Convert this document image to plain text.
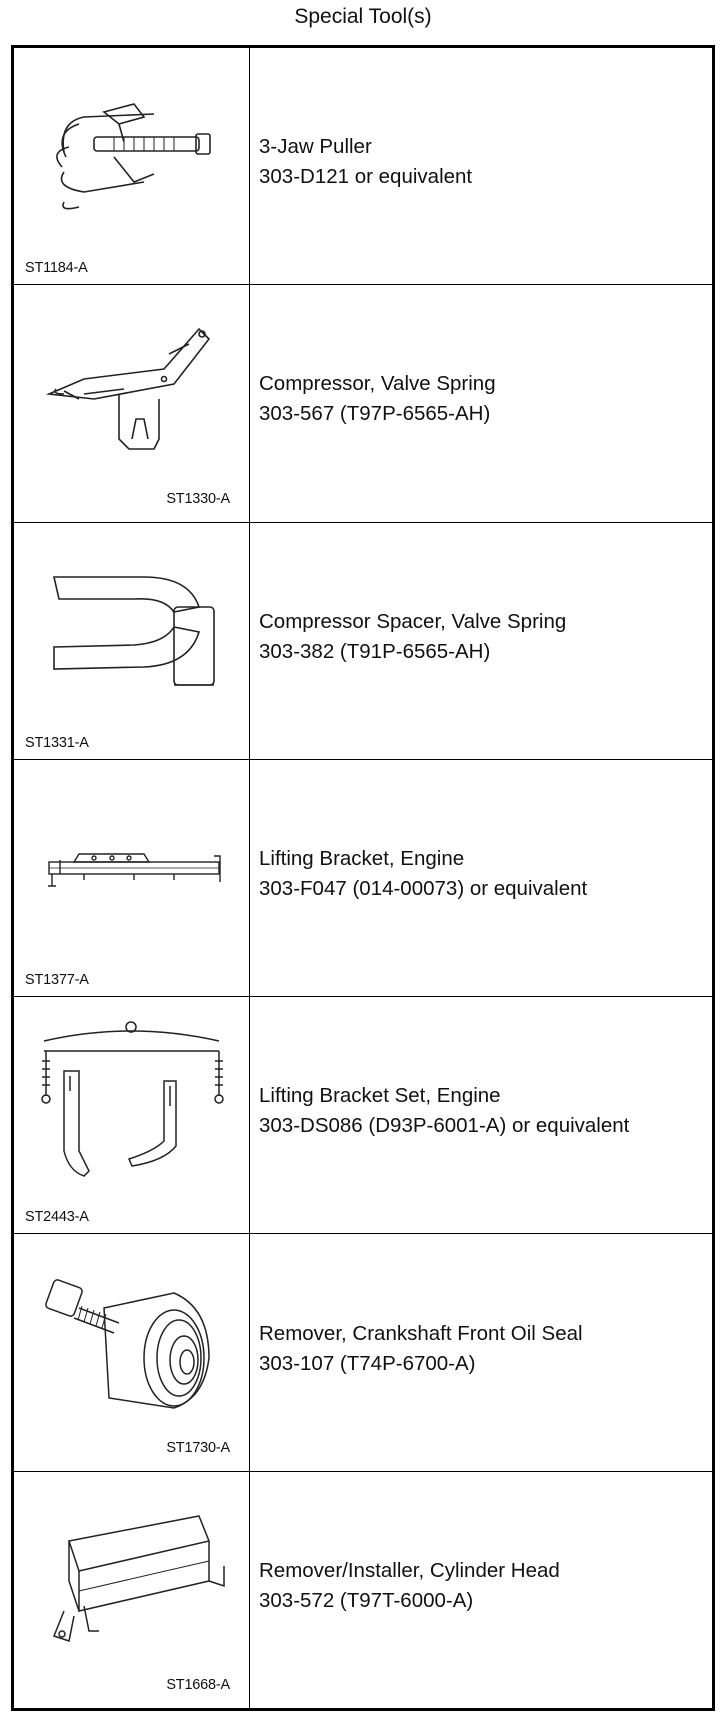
Special Tool(s)
ST1184-A
3-Jaw Puller
303-D121 or equivalent
ST1330-A
Compressor, Valve Spring
303-567 (T97P-6565-AH)
ST1331-A
Compressor Spacer, Valve Spring
303-382 (T91P-6565-AH)
ST1377-A
Lifting Bracket, Engine
303-F047 (014-00073) or equivalent
ST2443-A
Lifting Bracket Set, Engine
303-DS086 (D93P-6001-A) or equivalent
ST1730-A
Remover, Crankshaft Front Oil Seal
303-107 (T74P-6700-A)
ST1668-A
Remover/Installer, Cylinder Head
303-572 (T97T-6000-A)
